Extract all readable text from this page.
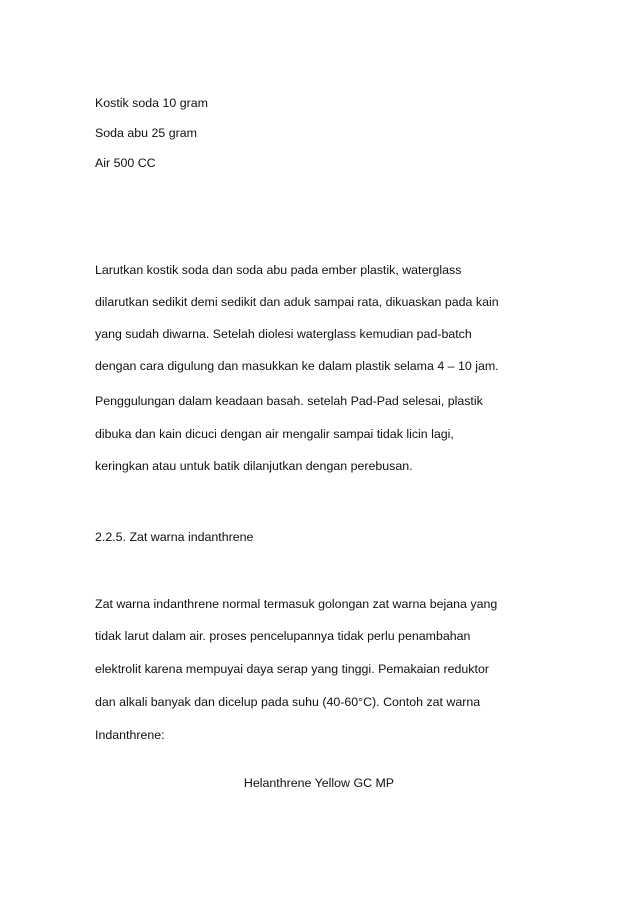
Kostik soda 10 gram

Soda abu 25 gram

Air 500 CC

Larutkan kostik soda dan soda abu pada ember plastik, waterglass

dilarutkan sedikit demi sedikit dan aduk sampai rata, dikuaskan pada kain

yang sudah diwarna. Setelah diolesi waterglass kemudian pad-batch

dengan cara digulung dan masukkan ke dalam plastik selama 4 – 10 jam.

Penggulungan dalam keadaan basah. setelah Pad-Pad selesai, plastik

dibuka dan kain dicuci dengan air mengalir sampai tidak licin lagi,

keringkan atau untuk batik dilanjutkan dengan perebusan.

2.2.5. Zat warna indanthrene

Zat warna indanthrene normal termasuk golongan zat warna bejana yang

tidak larut dalam air. proses pencelupannya tidak perlu penambahan

elektrolit karena mempuyai daya serap yang tinggi. Pemakaian reduktor

dan alkali banyak dan dicelup pada suhu (40-60°C). Contoh zat warna

Indanthrene:

Helanthrene Yellow GC MP
